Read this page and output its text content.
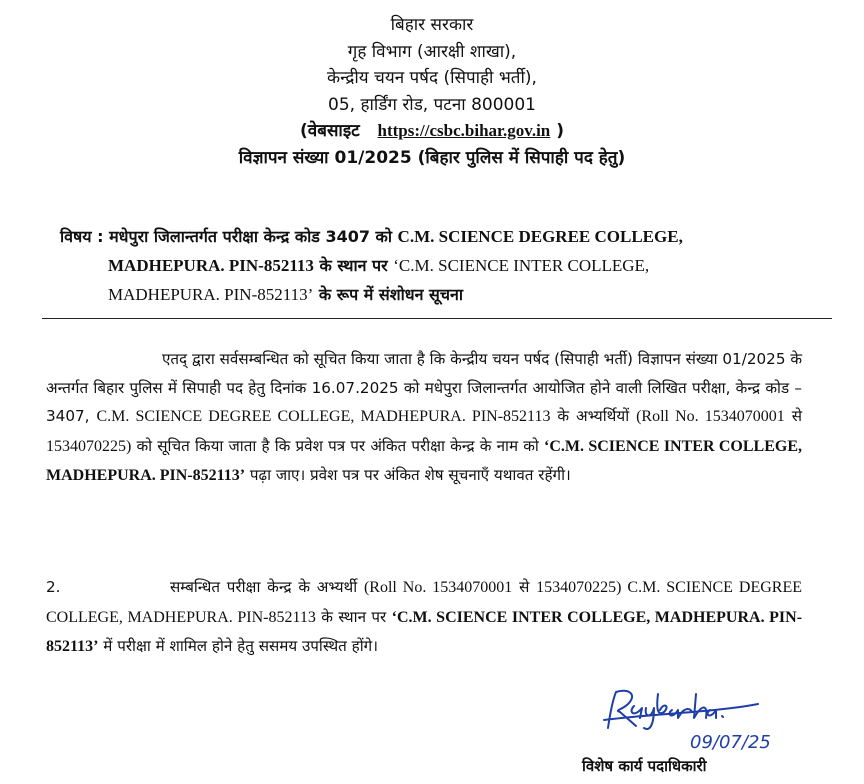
बिहार सरकार
गृह विभाग (आरक्षी शाखा),
केन्द्रीय चयन पर्षद (सिपाही भर्ती),
05, हार्डिंग रोड, पटना 800001
(वेबसाइट https://csbc.bihar.gov.in )
विज्ञापन संख्या 01/2025 (बिहार पुलिस में सिपाही पद हेतु)
विषय : मधेपुरा जिलान्तर्गत परीक्षा केन्द्र कोड 3407 को C.M. SCIENCE DEGREE COLLEGE,
MADHEPURA. PIN-852113 के स्थान पर ‘C.M. SCIENCE INTER COLLEGE,
MADHEPURA. PIN-852113’ के रूप में संशोधन सूचना
एतद् द्वारा सर्वसम्बन्धित को सूचित किया जाता है कि केन्द्रीय चयन पर्षद (सिपाही भर्ती) विज्ञापन संख्या 01/2025 के अन्तर्गत बिहार पुलिस में सिपाही पद हेतु दिनांक 16.07.2025 को मधेपुरा जिलान्तर्गत आयोजित होने वाली लिखित परीक्षा, केन्द्र कोड – 3407, C.M. SCIENCE DEGREE COLLEGE, MADHEPURA. PIN-852113 के अभ्यर्थियों (Roll No. 1534070001 से 1534070225) को सूचित किया जाता है कि प्रवेश पत्र पर अंकित परीक्षा केन्द्र के नाम को ‘C.M. SCIENCE INTER COLLEGE, MADHEPURA. PIN-852113’ पढ़ा जाए। प्रवेश पत्र पर अंकित शेष सूचनाएँ यथावत रहेंगी।
2.	सम्बन्धित परीक्षा केन्द्र के अभ्यर्थी (Roll No. 1534070001 से 1534070225) C.M. SCIENCE DEGREE COLLEGE, MADHEPURA. PIN-852113 के स्थान पर ‘C.M. SCIENCE INTER COLLEGE, MADHEPURA. PIN-852113’ में परीक्षा में शामिल होने हेतु ससमय उपस्थित होंगे।
09/07/25
विशेष कार्य पदाधिकारी
